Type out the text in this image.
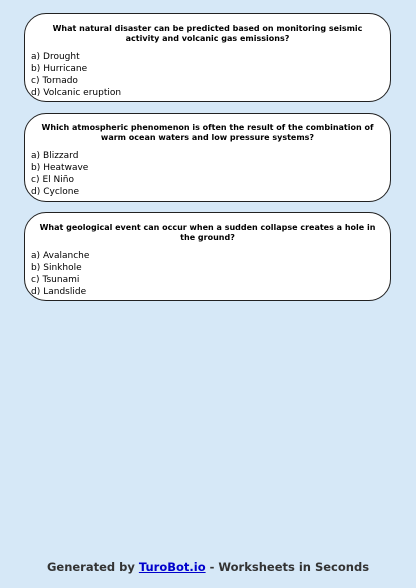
What natural disaster can be predicted based on monitoring seismic activity and volcanic gas emissions?

a) Drought
b) Hurricane
c) Tornado
d) Volcanic eruption

Which atmospheric phenomenon is often the result of the combination of warm ocean waters and low pressure systems?

a) Blizzard
b) Heatwave
c) El Niño
d) Cyclone

What geological event can occur when a sudden collapse creates a hole in the ground?

a) Avalanche
b) Sinkhole
c) Tsunami
d) Landslide
Generated by TuroBot.io - Worksheets in Seconds
